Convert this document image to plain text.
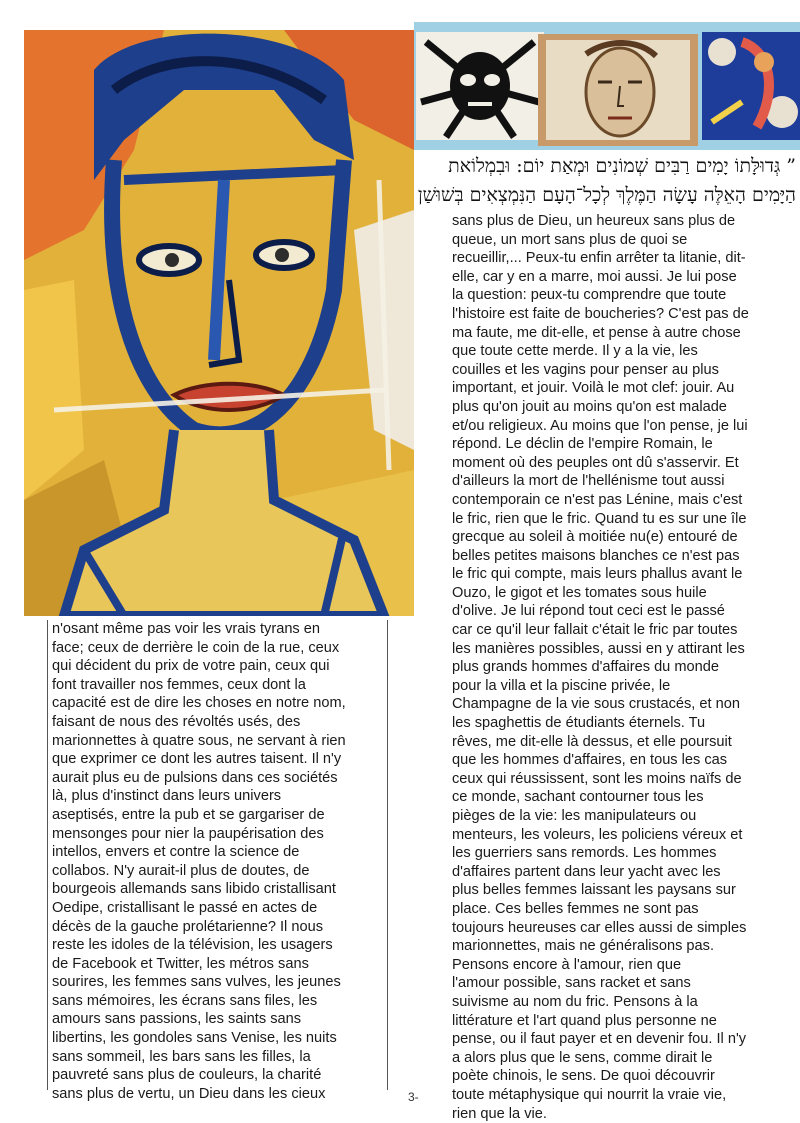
” גְּדוּלָּתוֹ יָמִים רַבִּים שְׁמוֹנִים וּמְאַת יוֹם: וּבִמְלוֹאת
הַיָּמִים הָאֵלֶּה עָשָׂה הַמֶּלֶךְ לְכָל־הָעָם הַנִּמְצְאִים בְּשׁוּשַׁן

n'osant même pas voir les vrais tyrans en
face; ceux de derrière le coin de la rue, ceux
qui décident du prix de votre pain, ceux qui
font travailler nos femmes, ceux dont la
capacité est de dire les choses en notre nom,
faisant de nous des révoltés usés, des
marionnettes à quatre sous, ne servant à rien
que exprimer ce dont les autres taisent. Il n'y
aurait plus eu de pulsions dans ces sociétés
là, plus d'instinct dans leurs univers
aseptisés, entre la pub et se gargariser de
mensonges pour nier la paupérisation des
intellos, envers et contre la science de
collabos. N'y aurait-il plus de doutes, de
bourgeois allemands sans libido cristallisant
Oedipe, cristallisant le passé en actes de
décès de la gauche prolétarienne? Il nous
reste les idoles de la télévision, les usagers
de Facebook et Twitter, les métros sans
sourires, les femmes sans vulves, les jeunes
sans mémoires, les écrans sans files, les
amours sans passions, les saints sans
libertins, les gondoles sans Venise, les nuits
sans sommeil, les bars sans les filles, la
pauvreté sans plus de couleurs, la charité
sans plus de vertu, un Dieu dans les cieux

sans plus de Dieu, un heureux sans plus de
queue, un mort sans plus de quoi se
recueillir,... Peux-tu enfin arrêter ta litanie, dit-
elle, car y en a marre, moi aussi. Je lui pose
la question: peux-tu comprendre que toute
l'histoire est faite de boucheries? C'est pas de
ma faute, me dit-elle, et pense à autre chose
que toute cette merde. Il y a la vie, les
couilles et les vagins pour penser au plus
important, et jouir. Voilà le mot clef: jouir. Au
plus qu'on jouit au moins qu'on est malade
et/ou religieux. Au moins que l'on pense, je lui
répond. Le déclin de l'empire Romain, le
moment où des peuples ont dû s'asservir. Et
d'ailleurs la mort de l'hellénisme tout aussi
contemporain ce n'est pas Lénine, mais c'est
le fric, rien que le fric. Quand tu es sur une île
grecque au soleil à moitiée nu(e) entouré de
belles petites maisons blanches ce n'est pas
le fric qui compte, mais leurs phallus avant le
Ouzo, le gigot et les tomates sous huile
d'olive. Je lui répond tout ceci est le passé
car ce qu'il leur fallait c'était le fric par toutes
les manières possibles, aussi en y attirant les
plus grands hommes d'affaires du monde
pour la villa et la piscine privée, le
Champagne de la vie sous crustacés, et non
les spaghettis de étudiants éternels. Tu
rêves, me dit-elle là dessus, et elle poursuit
que les hommes d'affaires, en tous les cas
ceux qui réussissent, sont les moins naïfs de
ce monde, sachant contourner tous les
pièges de la vie: les manipulateurs ou
menteurs, les voleurs, les policiens véreux et
les guerriers sans remords. Les hommes
d'affaires partent dans leur yacht avec les
plus belles femmes laissant les paysans sur
place. Ces belles femmes ne sont pas
toujours heureuses car elles aussi de simples
marionnettes, mais ne généralisons pas.
Pensons encore à l'amour, rien que
l'amour possible, sans racket et sans
suivisme au nom du fric. Pensons à la
littérature et l'art quand plus personne ne
pense, ou il faut payer et en devenir fou. Il n'y
a alors plus que le sens, comme dirait le
poète chinois, le sens. De quoi découvrir
toute métaphysique qui nourrit la vraie vie,
rien que la vie.

3-
